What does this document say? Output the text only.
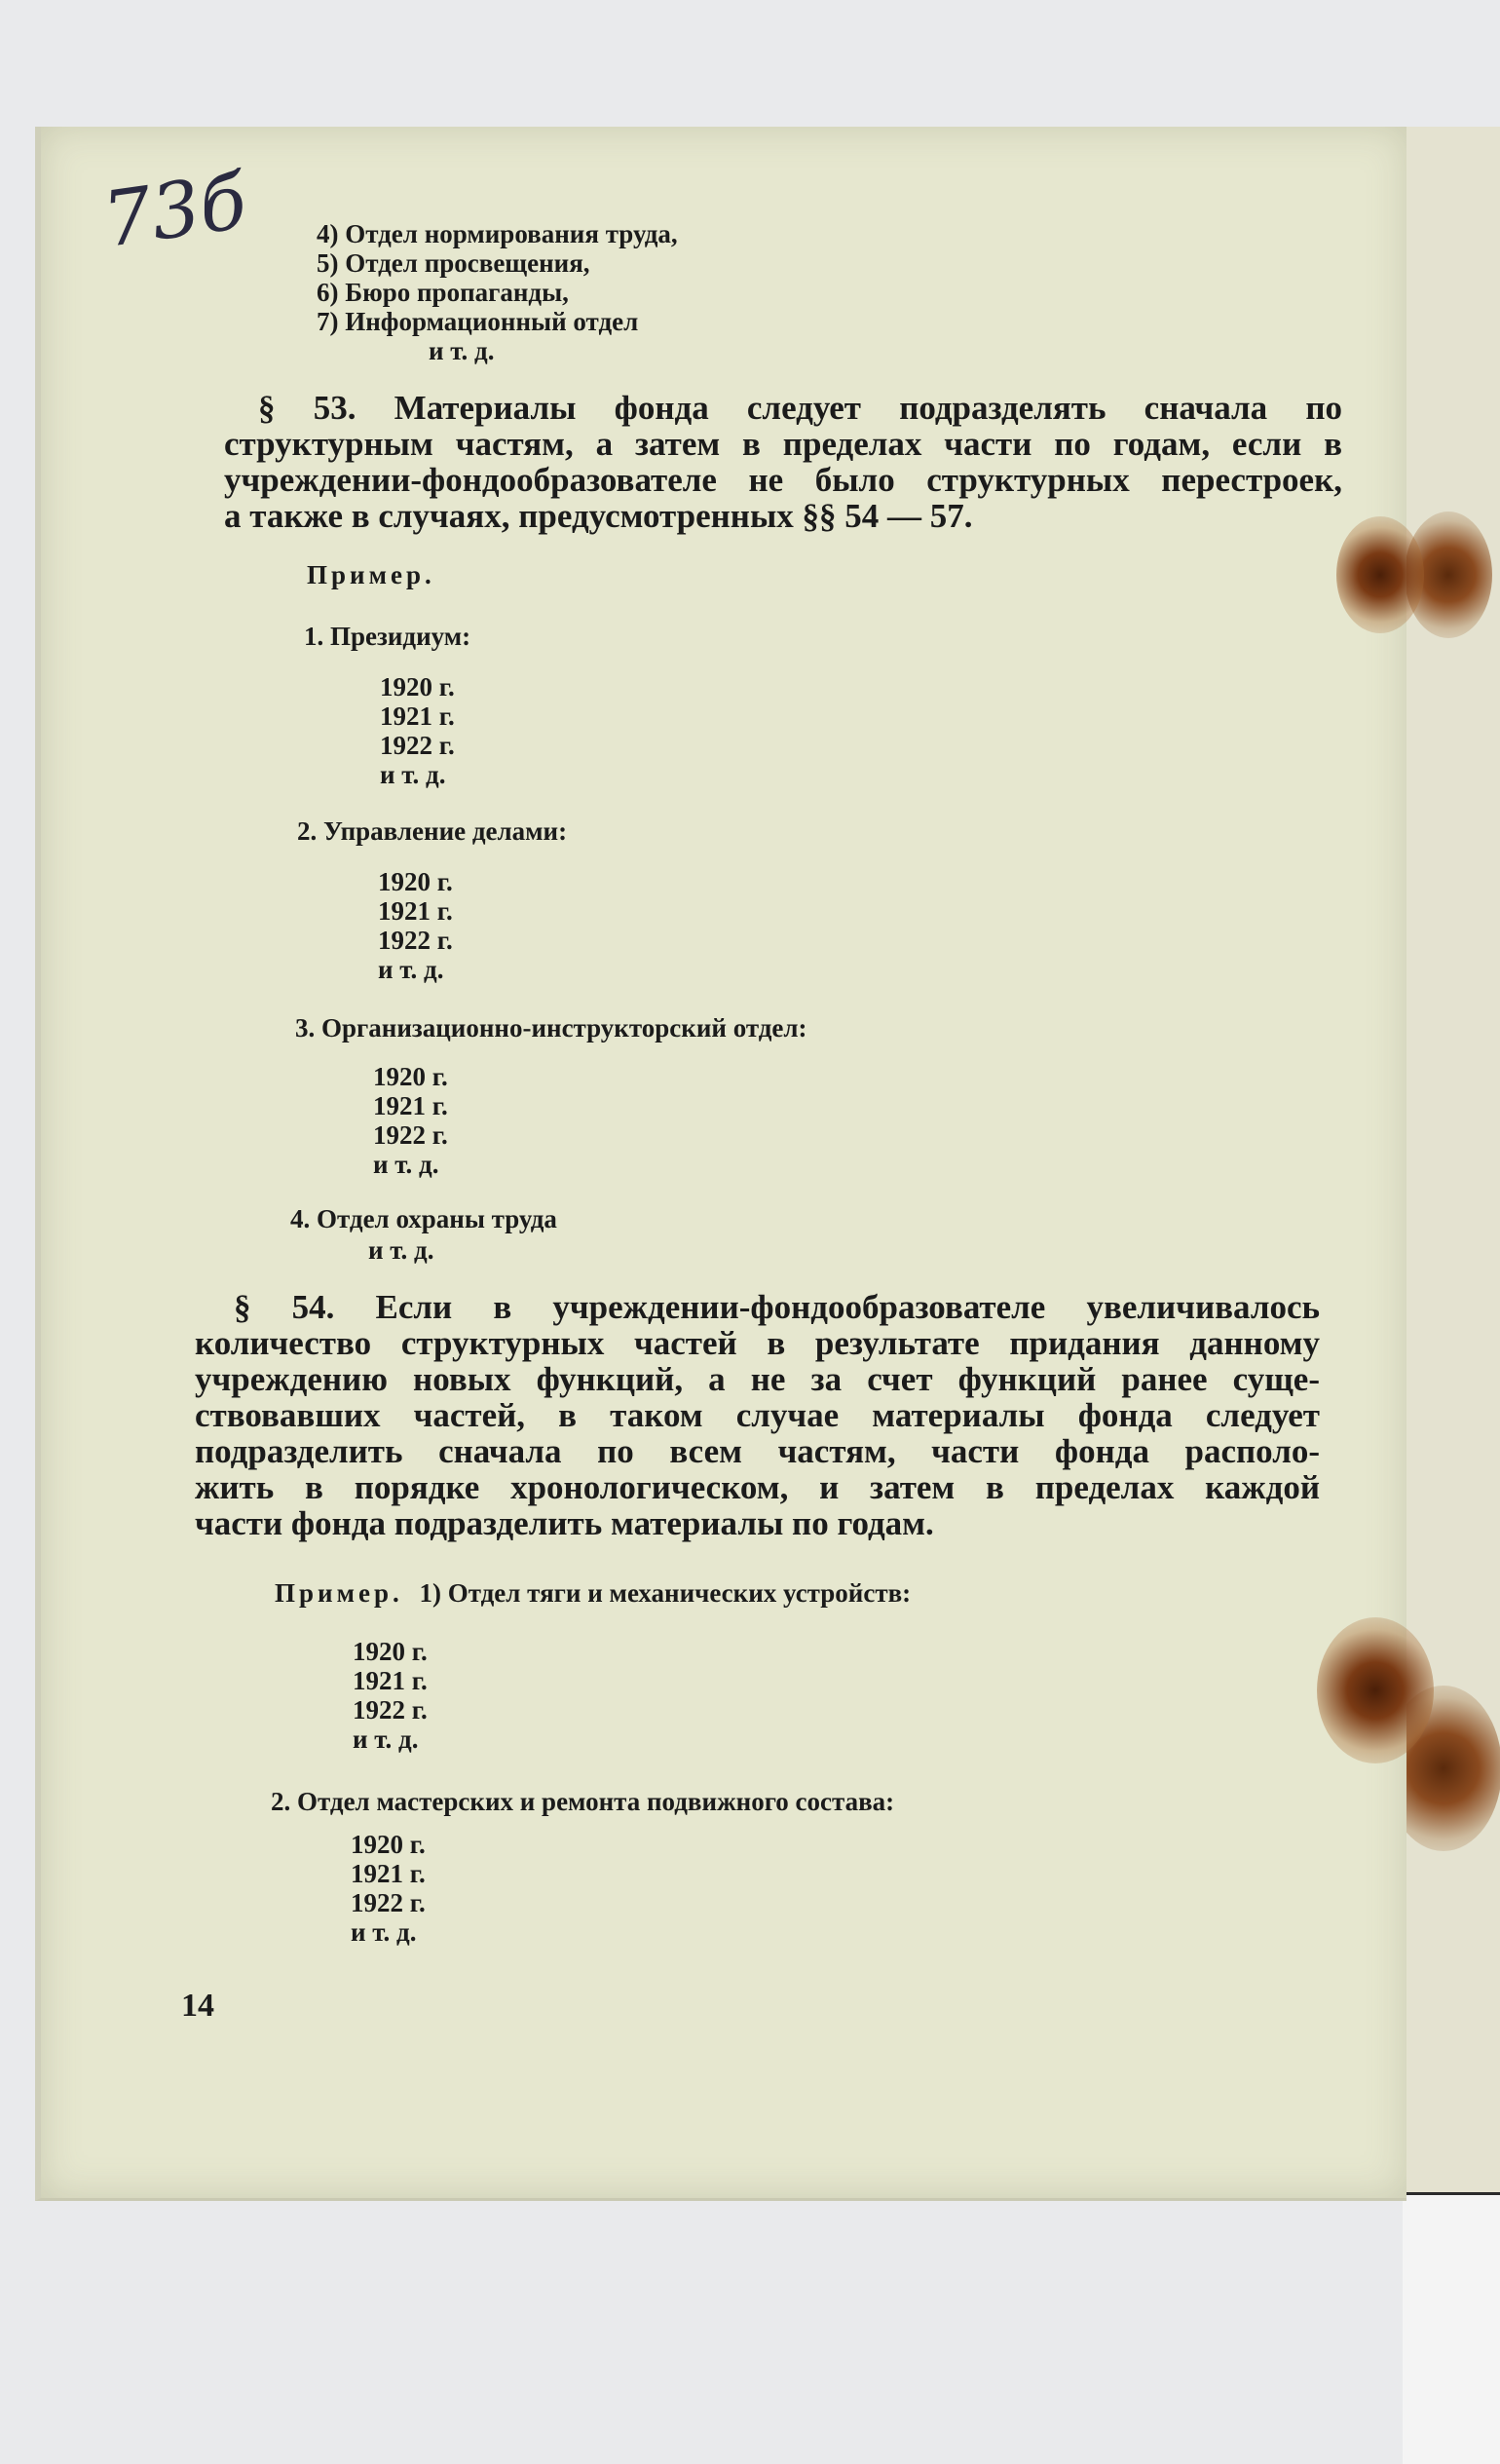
73б 4) Отдел нормирования труда,
5) Отдел просвещения,
6) Бюро пропаганды,
7) Информационный отдел
и т. д.
§ 53. Материалы фонда следует подразделять сначала по
структурным частям, а затем в пределах части по годам, если в
учреждении-фондообразователе не было структурных перестроек,
а также в случаях, предусмотренных §§ 54 — 57.
Пример.
1. Президиум:
1920 г.
1921 г.
1922 г.
и т. д.
2. Управление делами:
1920 г.
1921 г.
1922 г.
и т. д.
3. Организационно-инструкторский отдел:
1920 г.
1921 г.
1922 г.
и т. д.
4. Отдел охраны труда
и т. д.
§ 54. Если в учреждении-фондообразователе увеличивалось
количество структурных частей в результате придания данному
учреждению новых функций, а не за счет функций ранее суще-
ствовавших частей, в таком случае материалы фонда следует
подразделить сначала по всем частям, части фонда располо-
жить в порядке хронологическом, и затем в пределах каждой
части фонда подразделить материалы по годам.
Пример. 1) Отдел тяги и механических устройств:
1920 г.
1921 г.
1922 г.
и т. д.
2. Отдел мастерских и ремонта подвижного состава:
1920 г.
1921 г.
1922 г.
и т. д.
14
